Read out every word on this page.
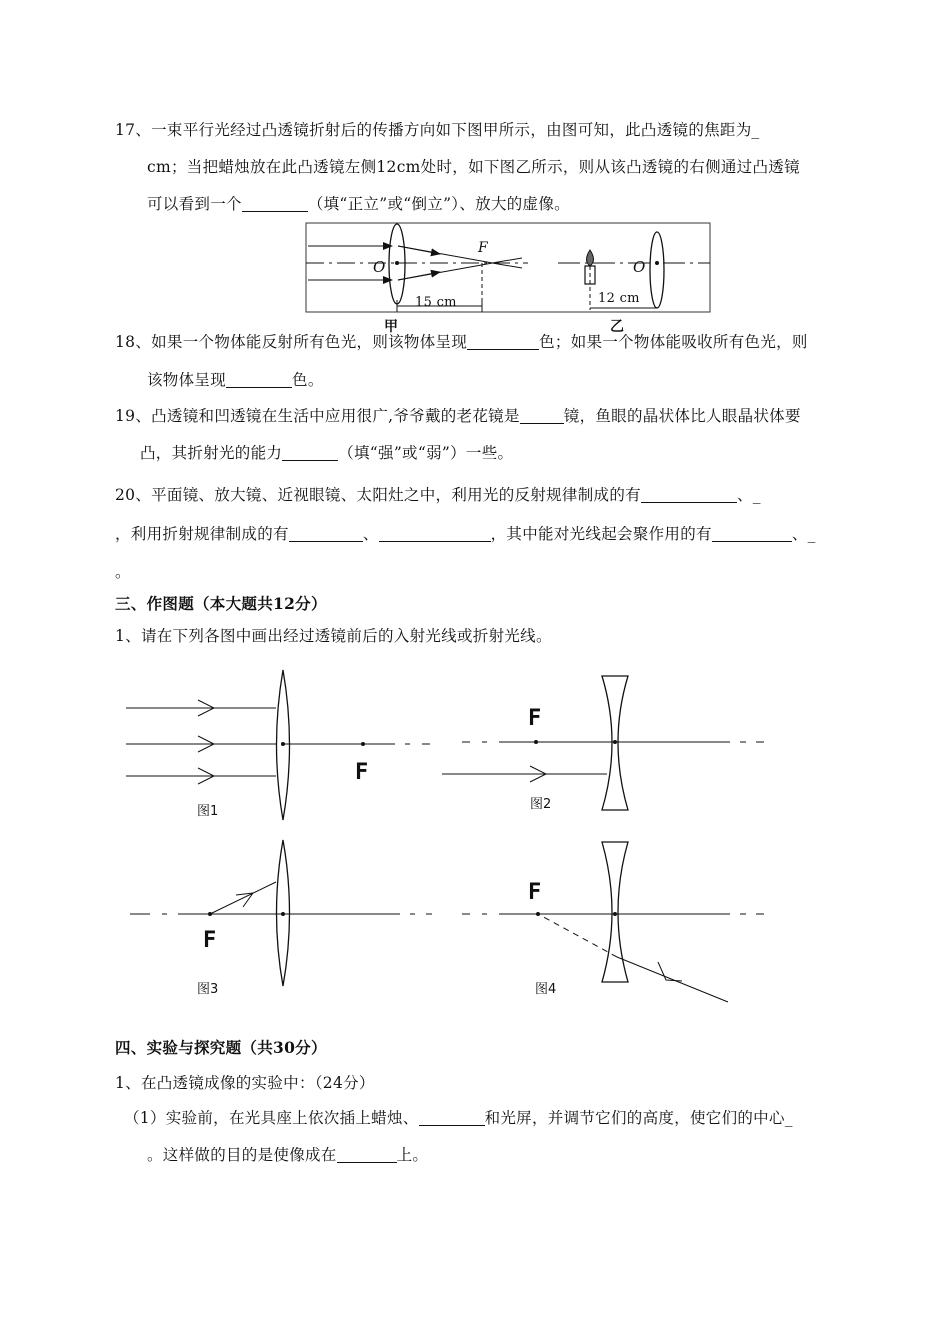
17、一束平行光经过凸透镜折射后的传播方向如下图甲所示，由图可知，此凸透镜的焦距为_
cm；当把蜡烛放在此凸透镜左侧12cm处时，如下图乙所示，则从该凸透镜的右侧通过凸透镜
可以看到一个	（填“正立”或“倒立”）、放大的虚像。
O
F
15 cm
O
12 cm
甲	乙
18、如果一个物体能反射所有色光，则该物体呈现	色；如果一个物体能吸收所有色光，则
该物体呈现	色。
19、凸透镜和凹透镜在生活中应用很广,爷爷戴的老花镜是	镜，鱼眼的晶状体比人眼晶状体要
凸，其折射光的能力	（填“强”或“弱”）一些。
20、平面镜、放大镜、近视眼镜、太阳灶之中，利用光的反射规律制成的有	、_
，利用折射规律制成的有	、	，其中能对光线起会聚作用的有	、_
。
三、作图题（本大题共12分）
1、请在下列各图中画出经过透镜前后的入射光线或折射光线。
F
F
F
F
图1	图2
图3	图4
四、实验与探究题（共30分）
1、在凸透镜成像的实验中：（24分）
（1）实验前，在光具座上依次插上蜡烛、	和光屏，并调节它们的高度，使它们的中心_
。这样做的目的是使像成在	上。
